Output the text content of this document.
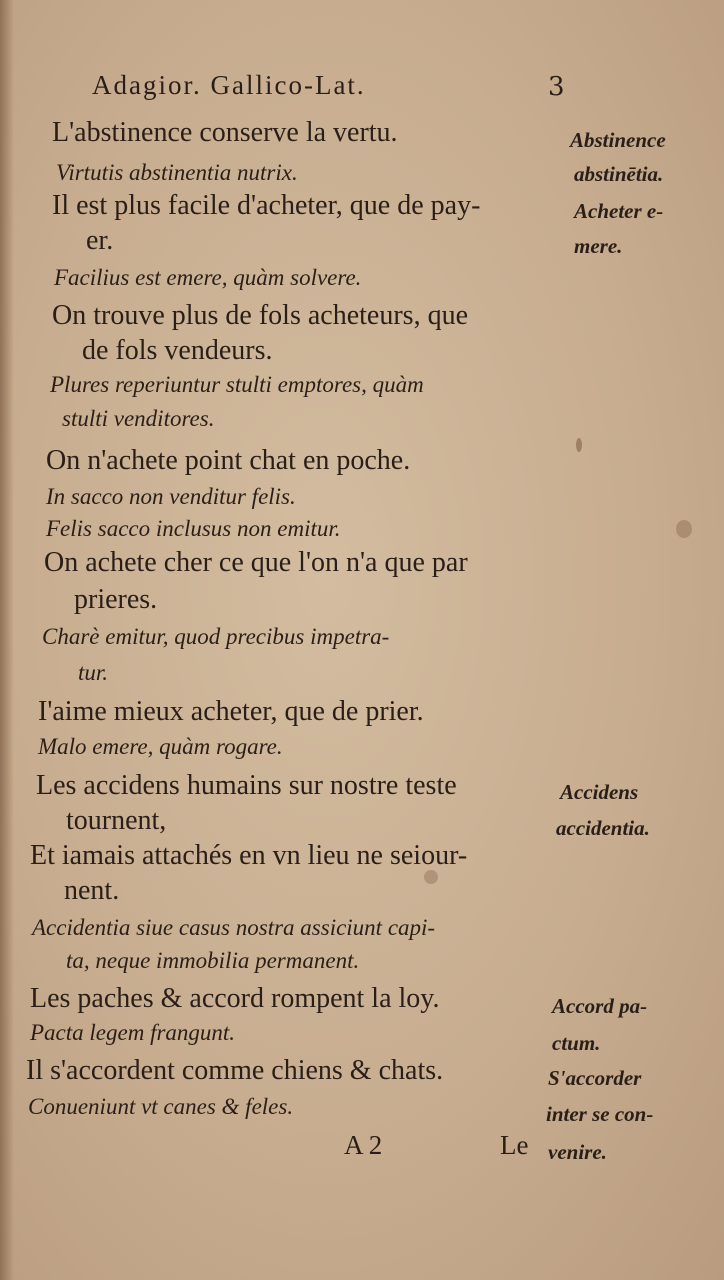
Adagior. Gallico-Lat.	3
L'abstinence conserve la vertu.
Virtutis abstinentia nutrix.
Il est plus facile d'acheter, que de pay-
er.
Facilius est emere, quàm solvere.
On trouve plus de fols acheteurs, que
de fols vendeurs.
Plures reperiuntur stulti emptores, quàm
stulti venditores.
On n'achete point chat en poche.
In sacco non venditur felis.
Felis sacco inclusus non emitur.
On achete cher ce que l'on n'a que par
prieres.
Charè emitur, quod precibus impetra-
tur.
I'aime mieux acheter, que de prier.
Malo emere, quàm rogare.
Les accidens humains sur nostre teste
tournent,
Et iamais attachés en vn lieu ne seiour-
nent.
Accidentia siue casus nostra assiciunt capi-
ta, neque immobilia permanent.
Les paches & accord rompent la loy.
Pacta legem frangunt.
Il s'accordent comme chiens & chats.
Conueniunt vt canes & feles.
Abstinence
abstinētia.
Acheter e-
mere.
Accidens
accidentia.
Accord pa-
ctum.
S'accorder
inter se con-
venire.
A 2	Le
